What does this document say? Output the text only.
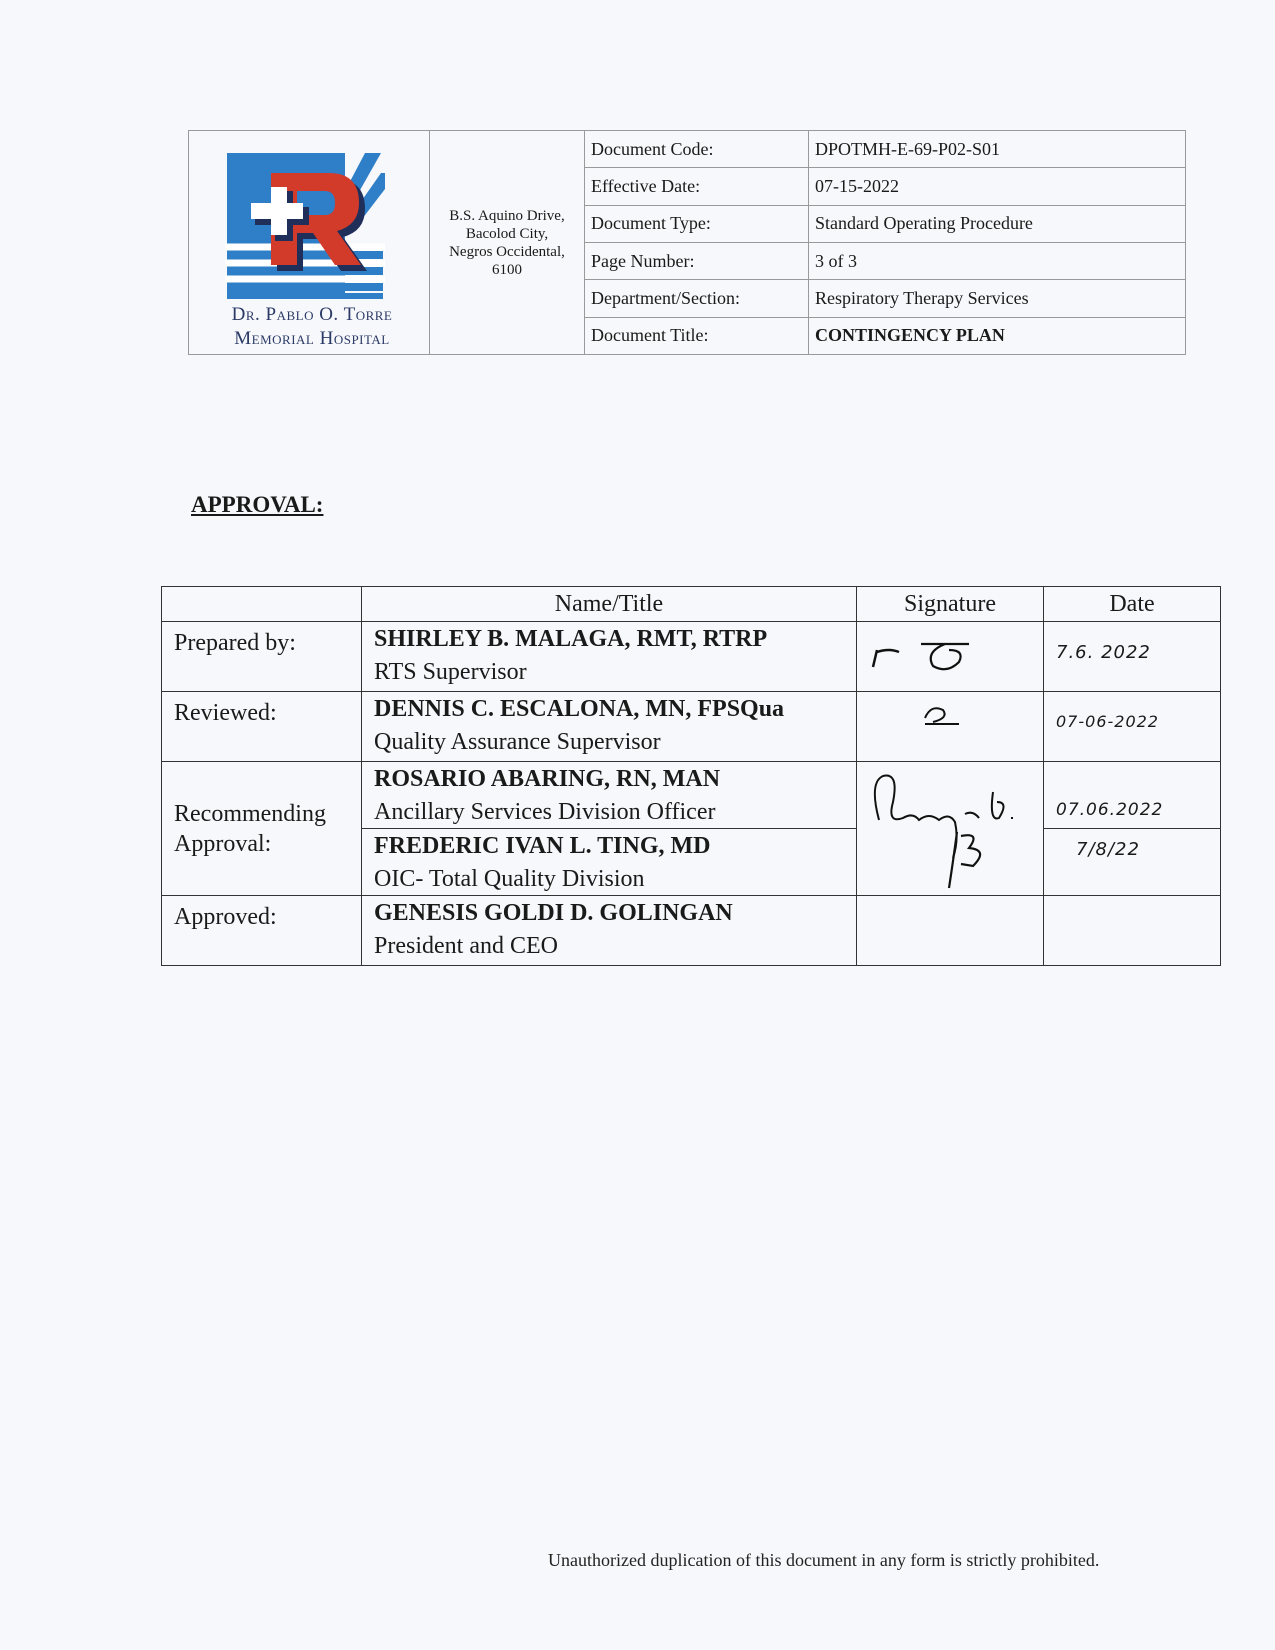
Dr. Pablo O. Torre
Memorial Hospital	B.S. Aquino Drive,
Bacolod City,
Negros Occidental,
6100	Document Code:	DPOTMH-E-69-P02-S01
		Effective Date:	07-15-2022
		Document Type:	Standard Operating Procedure
		Page Number:	3 of 3
		Department/Section:	Respiratory Therapy Services
		Document Title:	CONTINGENCY PLAN
APPROVAL:
	Name/Title	Signature	Date
Prepared by:	SHIRLEY B. MALAGA, RMT, RTRP
RTS Supervisor		7.6. 2022

Reviewed:	DENNIS C. ESCALONA, MN, FPSQua
Quality Assurance Supervisor		07-06-2022

Recommending Approval:	ROSARIO ABARING, RN, MAN
Ancillary Services Division Officer		07.06.2022

	FREDERIC IVAN L. TING, MD
OIC- Total Quality Division		7/8/22

Approved:	GENESIS GOLDI D. GOLINGAN
President and CEO		

Unauthorized duplication of this document in any form is strictly prohibited.
